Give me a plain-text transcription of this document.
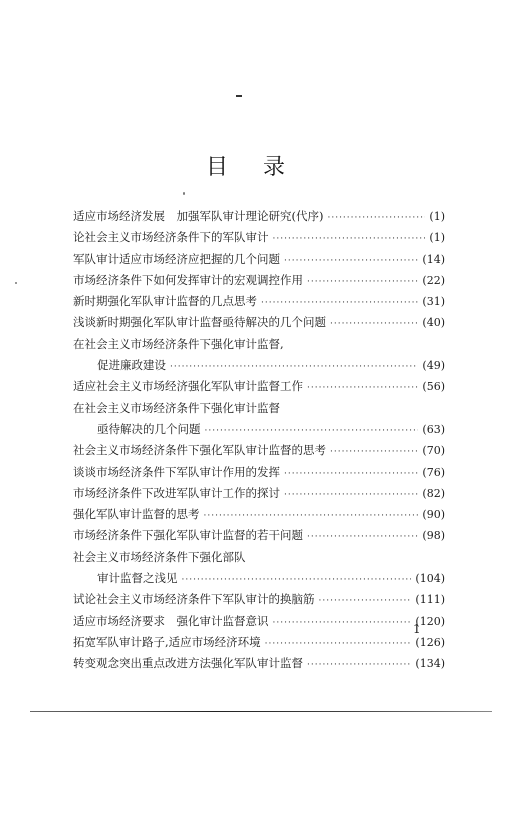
目 录
适应市场经济发展　加强军队审计理论研究(代序) ·····	(1)
论社会主义市场经济条件下的军队审计 ·····	(1)
军队审计适应市场经济应把握的几个问题 ·····	(14)
市场经济条件下如何发挥审计的宏观调控作用 ·····	(22)
新时期强化军队审计监督的几点思考 ·····	(31)
浅谈新时期强化军队审计监督亟待解决的几个问题 ·····	(40)
在社会主义市场经济条件下强化审计监督,
促进廉政建设 ·····	(49)
适应社会主义市场经济强化军队审计监督工作 ·····	(56)
在社会主义市场经济条件下强化审计监督
亟待解决的几个问题 ·····	(63)
社会主义市场经济条件下强化军队审计监督的思考 ·····	(70)
谈谈市场经济条件下军队审计作用的发挥 ·····	(76)
市场经济条件下改进军队审计工作的探讨 ·····	(82)
强化军队审计监督的思考 ·····	(90)
市场经济条件下强化军队审计监督的若干问题 ·····	(98)
社会主义市场经济条件下强化部队
审计监督之浅见 ·····	(104)
试论社会主义市场经济条件下军队审计的换脑筋 ·····	(111)
适应市场经济要求　强化审计监督意识 ·····	(120)
拓宽军队审计路子,适应市场经济环境 ·····	(126)
转变观念突出重点改进方法强化军队审计监督 ·····	(134)
1
